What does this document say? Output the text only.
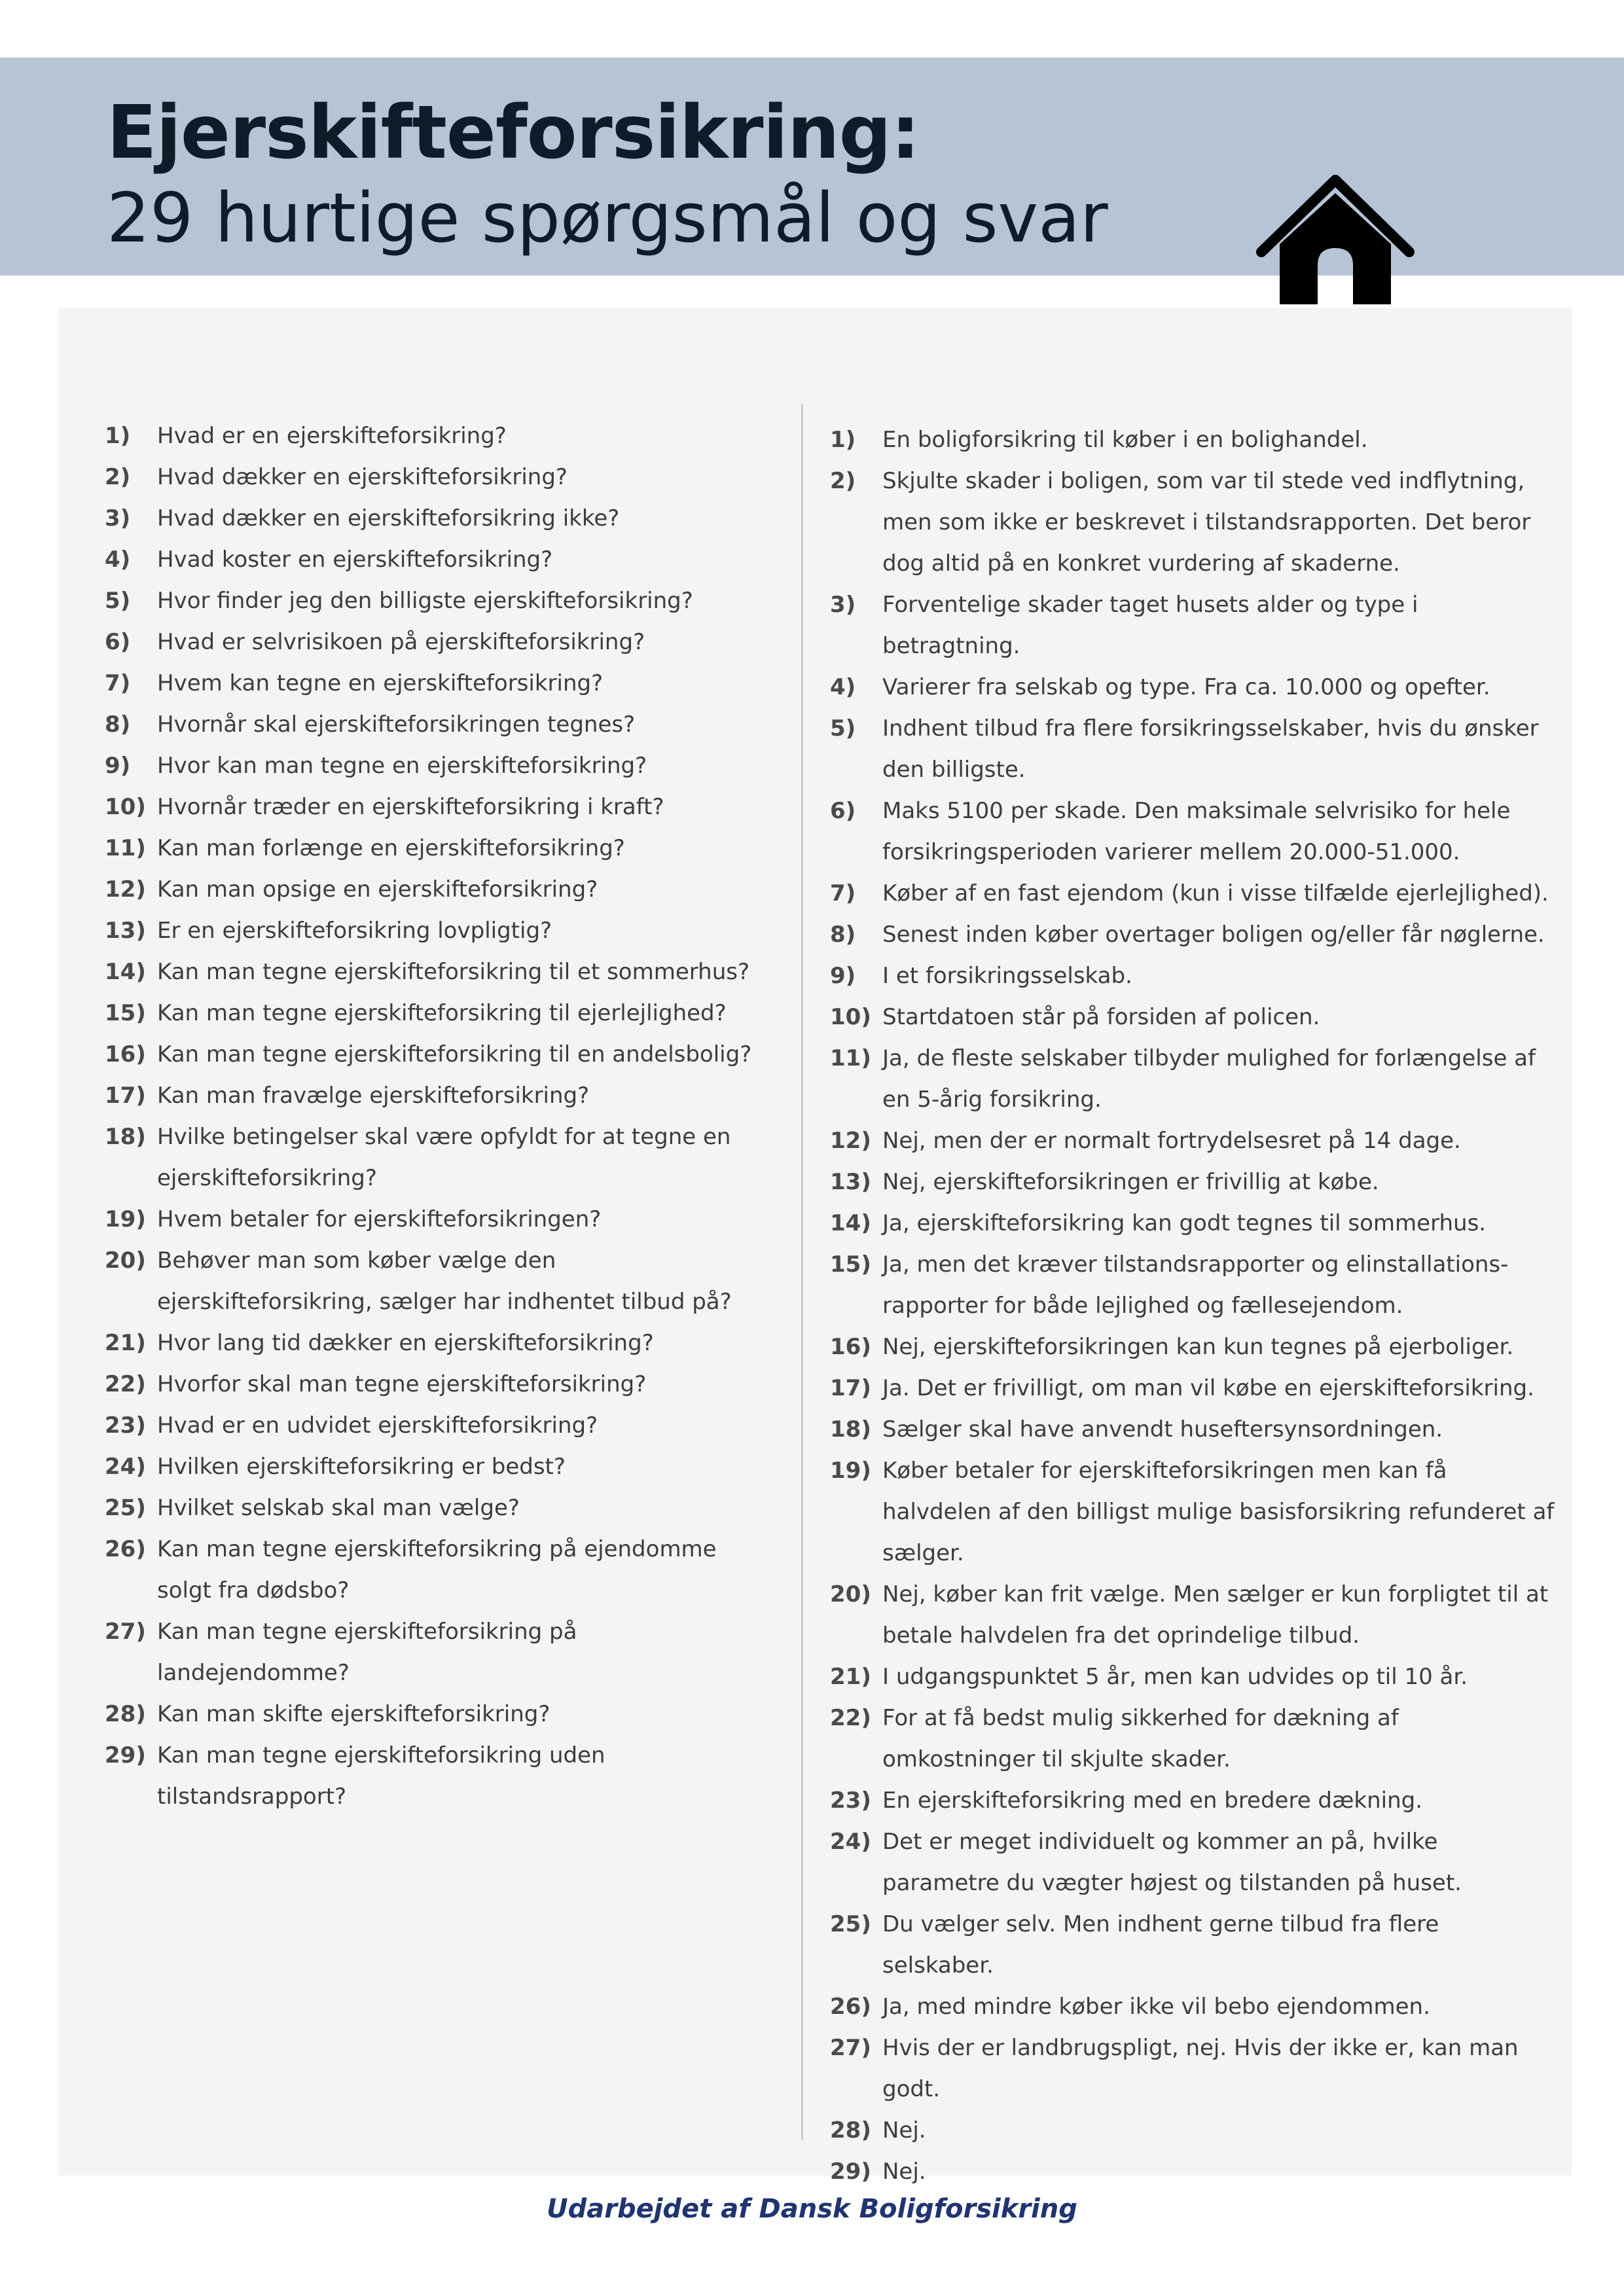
Ejerskifteforsikring:
29 hurtige spørgsmål og svar
1)	Hvad er en ejerskifteforsikring?
2)	Hvad dækker en ejerskifteforsikring?
3)	Hvad dækker en ejerskifteforsikring ikke?
4)	Hvad koster en ejerskifteforsikring?
5)	Hvor finder jeg den billigste ejerskifteforsikring?
6)	Hvad er selvrisikoen på ejerskifteforsikring?
7)	Hvem kan tegne en ejerskifteforsikring?
8)	Hvornår skal ejerskifteforsikringen tegnes?
9)	Hvor kan man tegne en ejerskifteforsikring?
10) Hvornår træder en ejerskifteforsikring i kraft?
11) Kan man forlænge en ejerskifteforsikring?
12) Kan man opsige en ejerskifteforsikring?
13) Er en ejerskifteforsikring lovpligtig?
14) Kan man tegne ejerskifteforsikring til et sommerhus?
15) Kan man tegne ejerskifteforsikring til ejerlejlighed?
16) Kan man tegne ejerskifteforsikring til en andelsbolig?
17) Kan man fravælge ejerskifteforsikring?
18) Hvilke betingelser skal være opfyldt for at tegne en ejerskifteforsikring?
19) Hvem betaler for ejerskifteforsikringen?
20) Behøver man som køber vælge den ejerskifteforsikring, sælger har indhentet tilbud på?
21) Hvor lang tid dækker en ejerskifteforsikring?
22) Hvorfor skal man tegne ejerskifteforsikring?
23) Hvad er en udvidet ejerskifteforsikring?
24) Hvilken ejerskifteforsikring er bedst?
25) Hvilket selskab skal man vælge?
26) Kan man tegne ejerskifteforsikring på ejendomme solgt fra dødsbo?
27) Kan man tegne ejerskifteforsikring på landejendomme?
28) Kan man skifte ejerskifteforsikring?
29) Kan man tegne ejerskifteforsikring uden tilstandsrapport?
1)	En boligforsikring til køber i en bolighandel.
2)	Skjulte skader i boligen, som var til stede ved indflytning, men som ikke er beskrevet i tilstandsrapporten. Det beror dog altid på en konkret vurdering af skaderne.
3)	Forventelige skader taget husets alder og type i betragtning.
4)	Varierer fra selskab og type. Fra ca. 10.000 og opefter.
5)	Indhent tilbud fra flere forsikringsselskaber, hvis du ønsker den billigste.
6)	Maks 5100 per skade. Den maksimale selvrisiko for hele forsikringsperioden varierer mellem 20.000-51.000.
7)	Køber af en fast ejendom (kun i visse tilfælde ejerlejlighed).
8)	Senest inden køber overtager boligen og/eller får nøglerne.
9)	I et forsikringsselskab.
10) Startdatoen står på forsiden af policen.
11) Ja, de fleste selskaber tilbyder mulighed for forlængelse af en 5-årig forsikring.
12) Nej, men der er normalt fortrydelsesret på 14 dage.
13) Nej, ejerskifteforsikringen er frivillig at købe.
14) Ja, ejerskifteforsikring kan godt tegnes til sommerhus.
15) Ja, men det kræver tilstandsrapporter og elinstallations-rapporter for både lejlighed og fællesejendom.
16) Nej, ejerskifteforsikringen kan kun tegnes på ejerboliger.
17) Ja. Det er frivilligt, om man vil købe en ejerskifteforsikring.
18) Sælger skal have anvendt huseftersynsordningen.
19) Køber betaler for ejerskifteforsikringen men kan få halvdelen af den billigst mulige basisforsikring refunderet af sælger.
20) Nej, køber kan frit vælge. Men sælger er kun forpligtet til at betale halvdelen fra det oprindelige tilbud.
21) I udgangspunktet 5 år, men kan udvides op til 10 år.
22) For at få bedst mulig sikkerhed for dækning af omkostninger til skjulte skader.
23) En ejerskifteforsikring med en bredere dækning.
24) Det er meget individuelt og kommer an på, hvilke parametre du vægter højest og tilstanden på huset.
25) Du vælger selv. Men indhent gerne tilbud fra flere selskaber.
26) Ja, med mindre køber ikke vil bebo ejendommen.
27) Hvis der er landbrugspligt, nej. Hvis der ikke er, kan man godt.
28) Nej.
29) Nej.
Udarbejdet af Dansk Boligforsikring
